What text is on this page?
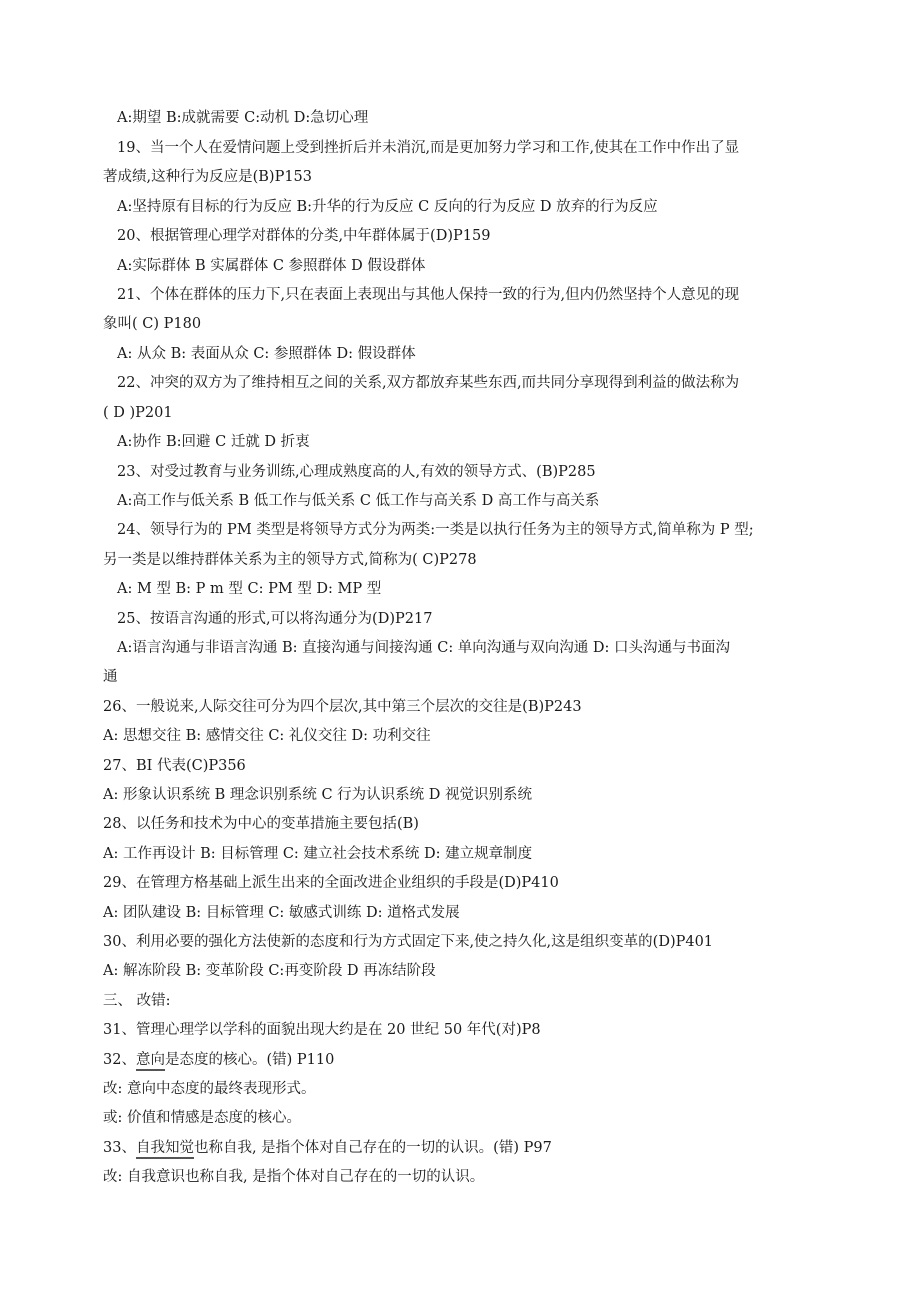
A:期望 B:成就需要 C:动机 D:急切心理
19、当一个人在爱情问题上受到挫折后并未消沉,而是更加努力学习和工作,使其在工作中作出了显
著成绩,这种行为反应是(B)P153
A:坚持原有目标的行为反应 B:升华的行为反应 C 反向的行为反应 D 放弃的行为反应
20、根据管理心理学对群体的分类,中年群体属于(D)P159
A:实际群体 B 实属群体 C 参照群体 D 假设群体
21、个体在群体的压力下,只在表面上表现出与其他人保持一致的行为,但内仍然坚持个人意见的现
象叫( C) P180
A: 从众 B: 表面从众 C: 参照群体 D: 假设群体
22、冲突的双方为了维持相互之间的关系,双方都放弃某些东西,而共同分享现得到利益的做法称为
( D )P201
A:协作 B:回避 C 迁就 D 折衷
23、对受过教育与业务训练,心理成熟度高的人,有效的领导方式、(B)P285
A:高工作与低关系 B 低工作与低关系 C 低工作与高关系 D 高工作与高关系
24、领导行为的 PM 类型是将领导方式分为两类:一类是以执行任务为主的领导方式,简单称为 P 型;
另一类是以维持群体关系为主的领导方式,简称为( C)P278
A: M 型 B: P m 型 C: PM 型 D: MP 型
25、按语言沟通的形式,可以将沟通分为(D)P217
A:语言沟通与非语言沟通 B: 直接沟通与间接沟通 C: 单向沟通与双向沟通 D: 口头沟通与书面沟
通
26、一般说来,人际交往可分为四个层次,其中第三个层次的交往是(B)P243
A: 思想交往 B: 感情交往 C: 礼仪交往 D: 功利交往
27、BI 代表(C)P356
A: 形象认识系统 B 理念识别系统 C 行为认识系统 D 视觉识别系统
28、以任务和技术为中心的变革措施主要包括(B)
A: 工作再设计 B: 目标管理 C: 建立社会技术系统 D: 建立规章制度
29、在管理方格基础上派生出来的全面改进企业组织的手段是(D)P410
A: 团队建设 B: 目标管理 C: 敏感式训练 D: 道格式发展
30、利用必要的强化方法使新的态度和行为方式固定下来,使之持久化,这是组织变革的(D)P401
A: 解冻阶段 B: 变革阶段 C:再变阶段 D 再冻结阶段
三、 改错:
31、管理心理学以学科的面貌出现大约是在 20 世纪 50 年代(对)P8
32、意向是态度的核心。(错) P110
改: 意向中态度的最终表现形式。
或: 价值和情感是态度的核心。
33、自我知觉也称自我, 是指个体对自己存在的一切的认识。(错) P97
改: 自我意识也称自我, 是指个体对自己存在的一切的认识。
